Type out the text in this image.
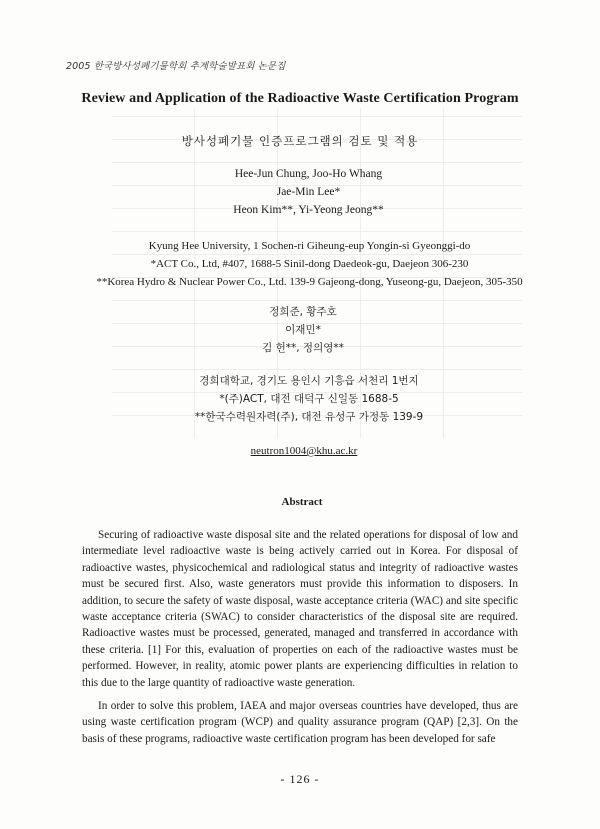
2005 한국방사성폐기물학회 추계학술발표회 논문집
Review and Application of the Radioactive Waste Certification Program
방사성폐기물 인증프로그램의 검토 및 적용
Hee-Jun Chung, Joo-Ho Whang
Jae-Min Lee*
Heon Kim**, Yi-Yeong Jeong**
Kyung Hee University, 1 Sochen-ri Giheung-eup Yongin-si Gyeonggi-do
*ACT Co., Ltd, #407, 1688-5 Sinil-dong Daedeok-gu, Daejeon 306-230
**Korea Hydro & Nuclear Power Co., Ltd. 139-9 Gajeong-dong, Yuseong-gu, Daejeon, 305-350
정희준, 황주호
이재민*
김 헌**, 정의영**
경희대학교, 경기도 용인시 기흥읍 서천리 1번지
*(주)ACT, 대전 대덕구 신일동 1688-5
**한국수력원자력(주), 대전 유성구 가정동 139-9
neutron1004@khu.ac.kr
Abstract

Securing of radioactive waste disposal site and the related operations for disposal of low and intermediate level radioactive waste is being actively carried out in Korea. For disposal of radioactive wastes, physicochemical and radiological status and integrity of radioactive wastes must be secured first. Also, waste generators must provide this information to disposers. In addition, to secure the safety of waste disposal, waste acceptance criteria (WAC) and site specific waste acceptance criteria (SWAC) to consider characteristics of the disposal site are required. Radioactive wastes must be processed, generated, managed and transferred in accordance with these criteria. [1] For this, evaluation of properties on each of the radioactive wastes must be performed. However, in reality, atomic power plants are experiencing difficulties in relation to this due to the large quantity of radioactive waste generation.

In order to solve this problem, IAEA and major overseas countries have developed, thus are using waste certification program (WCP) and quality assurance program (QAP) [2,3]. On the basis of these programs, radioactive waste certification program has been developed for safe

- 126 -
